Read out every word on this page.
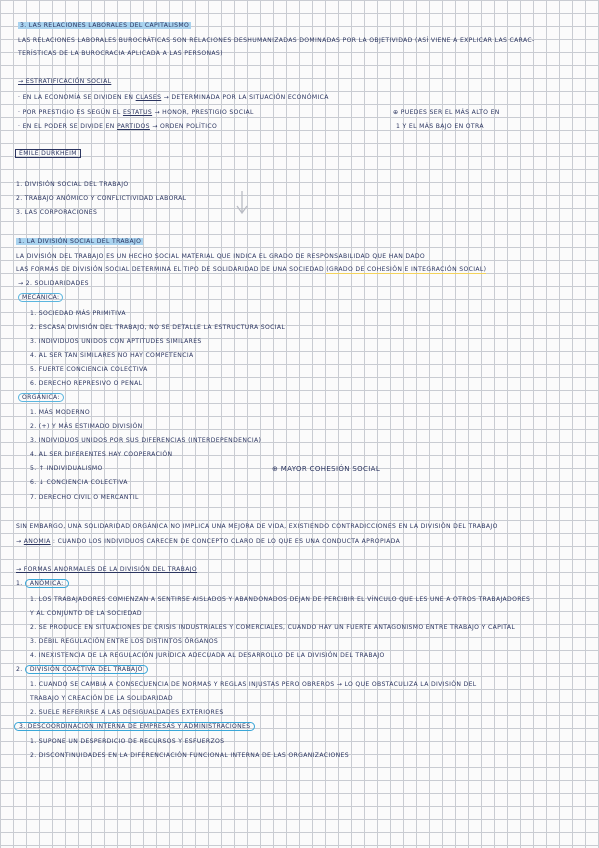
3. LAS RELACIONES LABORALES DEL CAPITALISMO
LAS RELACIONES LABORALES BUROCRÁTICAS SON RELACIONES DESHUMANIZADAS DOMINADAS POR LA OBJETIVIDAD (ASÍ VIENE A EXPLICAR LAS CARAC-
TERÍSTICAS DE LA BUROCRACIA APLICADA A LAS PERSONAS)
→ ESTRATIFICACIÓN SOCIAL
· EN LA ECONOMÍA SE DIVIDEN EN CLASES → DETERMINADA POR LA SITUACIÓN ECONÓMICA
· POR PRESTIGIO ES SEGÚN EL ESTATUS → HONOR, PRESTIGIO SOCIAL	⊕ PUEDES SER EL MÁS ALTO EN
· EN EL PODER SE DIVIDE EN PARTIDOS → ORDEN POLÍTICO	1 Y EL MÁS BAJO EN OTRA
EMILE DURKHEIM
1. DIVISIÓN SOCIAL DEL TRABAJO
2. TRABAJO ANÓMICO Y CONFLICTIVIDAD LABORAL
3. LAS CORPORACIONES
1. LA DIVISIÓN SOCIAL DEL TRABAJO
LA DIVISIÓN DEL TRABAJO ES UN HECHO SOCIAL MATERIAL QUE INDICA EL GRADO DE RESPONSABILIDAD QUE HAN DADO
LAS FORMAS DE DIVISIÓN SOCIAL DETERMINA EL TIPO DE SOLIDARIDAD DE UNA SOCIEDAD (GRADO DE COHESIÓN E INTEGRACIÓN SOCIAL)
→ 2. SOLIDARIDADES
MECÁNICA:
1. SOCIEDAD MÁS PRIMITIVA
2. ESCASA DIVISIÓN DEL TRABAJO, NO SE DETALLE LA ESTRUCTURA SOCIAL
3. INDIVIDUOS UNIDOS CON APTITUDES SIMILARES
4. AL SER TAN SIMILARES NO HAY COMPETENCIA
5. FUERTE CONCIENCIA COLECTIVA
6. DERECHO REPRESIVO O PENAL
ORGÁNICA:
1. MÁS MODERNO
2. (+) Y MÁS ESTIMADO DIVISIÓN
3. INDIVIDUOS UNIDOS POR SUS DIFERENCIAS (INTERDEPENDENCIA)
4. AL SER DIFERENTES HAY COOPERACIÓN
5. ↑ INDIVIDUALISMO
6. ↓ CONCIENCIA COLECTIVA
7. DERECHO CIVIL O MERCANTIL
⊕ MAYOR COHESIÓN SOCIAL
SIN EMBARGO, UNA SOLIDARIDAD ORGÁNICA NO IMPLICA UNA MEJORA DE VIDA, EXISTIENDO CONTRADICCIONES EN LA DIVISIÓN DEL TRABAJO
→ ANOMIA : CUANDO LOS INDIVIDUOS CARECEN DE CONCEPTO CLARO DE LO QUE ES UNA CONDUCTA APROPIADA
→ FORMAS ANORMALES DE LA DIVISIÓN DEL TRABAJO
1. ANÓMICA:
1. LOS TRABAJADORES COMIENZAN A SENTIRSE AISLADOS Y ABANDONADOS DEJAN DE PERCIBIR EL VÍNCULO QUE LES UNE A OTROS TRABAJADORES
Y AL CONJUNTO DE LA SOCIEDAD
2. SE PRODUCE EN SITUACIONES DE CRISIS INDUSTRIALES Y COMERCIALES, CUANDO HAY UN FUERTE ANTAGONISMO ENTRE TRABAJO Y CAPITAL
3. DÉBIL REGULACIÓN ENTRE LOS DISTINTOS ÓRGANOS
4. INEXISTENCIA DE LA REGULACIÓN JURÍDICA ADECUADA AL DESARROLLO DE LA DIVISIÓN DEL TRABAJO
2. DIVISIÓN COACTIVA DEL TRABAJO
1. CUANDO SE CAMBIA A CONSECUENCIA DE NORMAS Y REGLAS INJUSTAS PERO OBREROS → LO QUE OBSTACULIZA LA DIVISIÓN DEL
TRABAJO Y CREACIÓN DE LA SOLIDARIDAD
2. SUELE REFERIRSE A LAS DESIGUALDADES EXTERIORES
3. DESCOORDINACIÓN INTERNA DE EMPRESAS Y ADMINISTRACIONES
1. SUPONE UN DESPERDICIO DE RECURSOS Y ESFUERZOS
2. DISCONTINUIDADES EN LA DIFERENCIACIÓN FUNCIONAL INTERNA DE LAS ORGANIZACIONES
